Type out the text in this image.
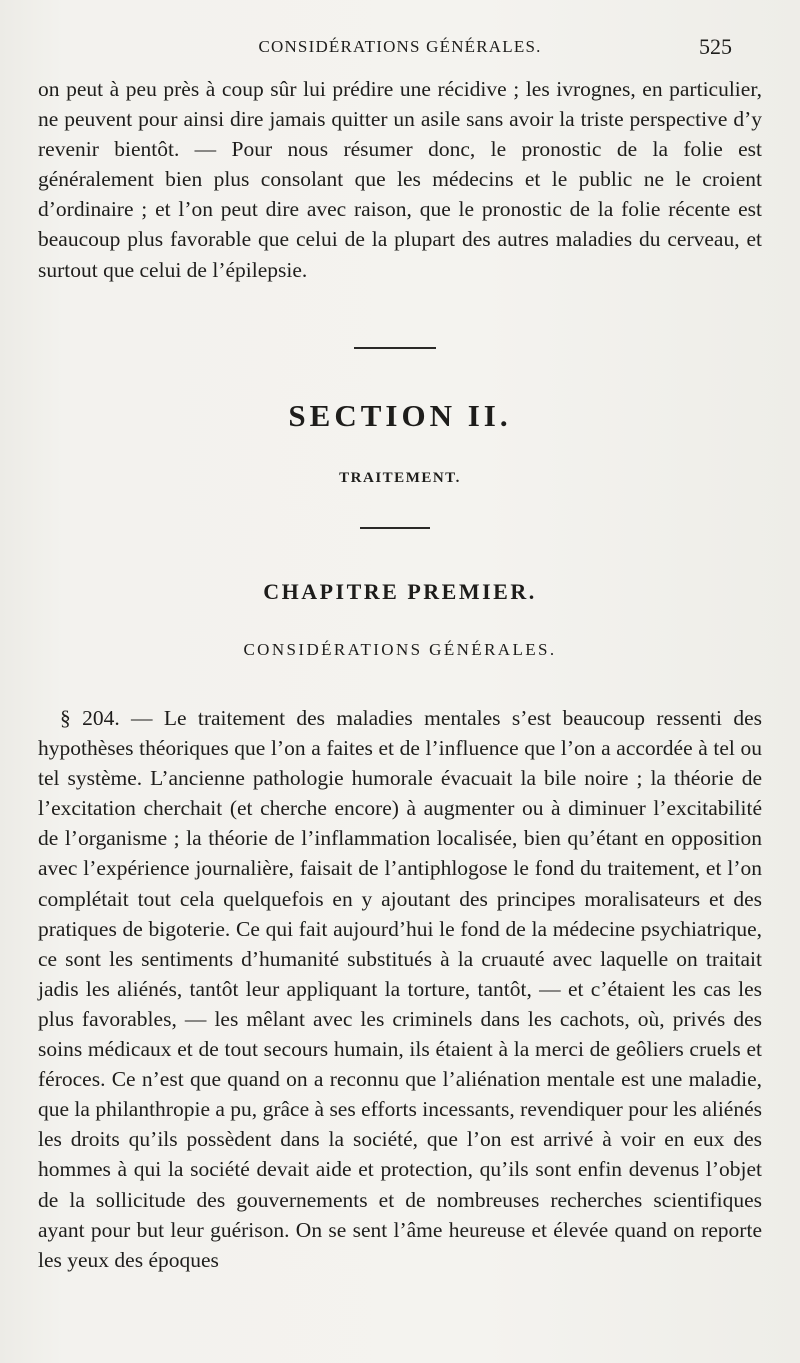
CONSIDÉRATIONS GÉNÉRALES.	525

on peut à peu près à coup sûr lui prédire une récidive ; les ivrognes, en particulier, ne peuvent pour ainsi dire jamais quitter un asile sans avoir la triste perspective d’y revenir bientôt. — Pour nous résumer donc, le pronostic de la folie est généralement bien plus consolant que les médecins et le public ne le croient d’ordinaire ; et l’on peut dire avec raison, que le pronostic de la folie récente est beaucoup plus favorable que celui de la plupart des autres maladies du cerveau, et surtout que celui de l’épilepsie.

SECTION II.
TRAITEMENT.
CHAPITRE PREMIER.
CONSIDÉRATIONS GÉNÉRALES.

§ 204. — Le traitement des maladies mentales s’est beaucoup ressenti des hypothèses théoriques que l’on a faites et de l’influence que l’on a accordée à tel ou tel système. L’ancienne pathologie humorale évacuait la bile noire ; la théorie de l’excitation cherchait (et cherche encore) à augmenter ou à diminuer l’excitabilité de l’organisme ; la théorie de l’inflammation localisée, bien qu’étant en opposition avec l’expérience journalière, faisait de l’antiphlogose le fond du traitement, et l’on complétait tout cela quelquefois en y ajoutant des principes moralisateurs et des pratiques de bigoterie. Ce qui fait aujourd’hui le fond de la médecine psychiatrique, ce sont les sentiments d’humanité substitués à la cruauté avec laquelle on traitait jadis les aliénés, tantôt leur appliquant la torture, tantôt, — et c’étaient les cas les plus favorables, — les mêlant avec les criminels dans les cachots, où, privés des soins médicaux et de tout secours humain, ils étaient à la merci de geôliers cruels et féroces. Ce n’est que quand on a reconnu que l’aliénation mentale est une maladie, que la philanthropie a pu, grâce à ses efforts incessants, revendiquer pour les aliénés les droits qu’ils possèdent dans la société, que l’on est arrivé à voir en eux des hommes à qui la société devait aide et protection, qu’ils sont enfin devenus l’objet de la sollicitude des gouvernements et de nombreuses recherches scientifiques ayant pour but leur guérison. On se sent l’âme heureuse et élevée quand on reporte les yeux des époques
